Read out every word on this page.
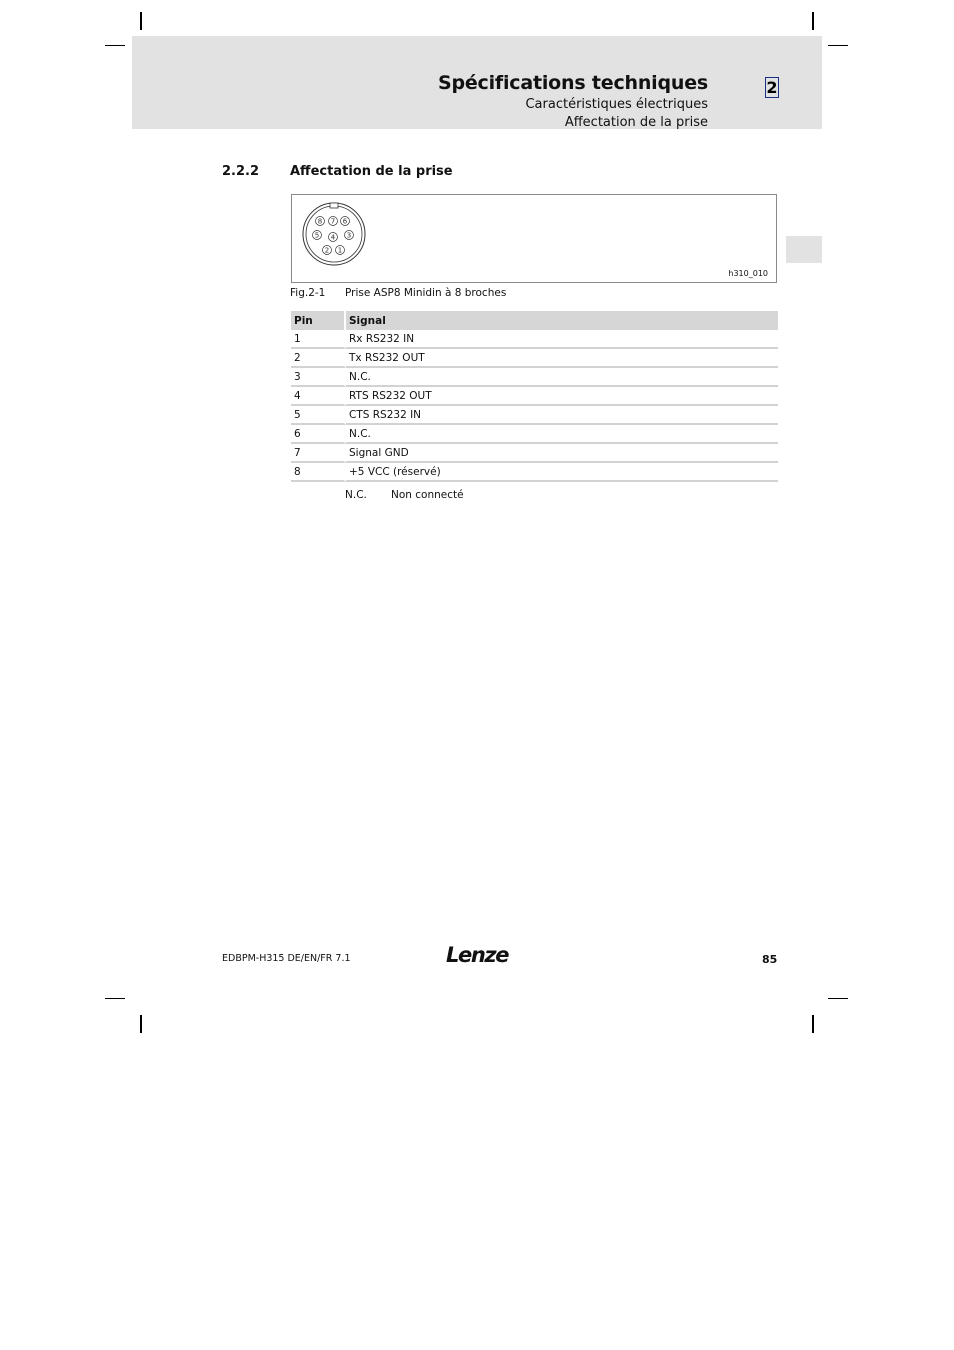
Spécifications techniques
Caractéristiques électriques
Affectation de la prise
2
2.2.2 Affectation de la prise
8 7 6
5 4 3
2 1
h310_010
Fig.2-1 Prise ASP8 Minidin à 8 broches
Pin	Signal
1	Rx RS232 IN
2	Tx RS232 OUT
3	N.C.
4	RTS RS232 OUT
5	CTS RS232 IN
6	N.C.
7	Signal GND
8	+5 VCC (réservé)
N.C. Non connecté
EDBPM-H315 DE/EN/FR 7.1	Lenze	85
